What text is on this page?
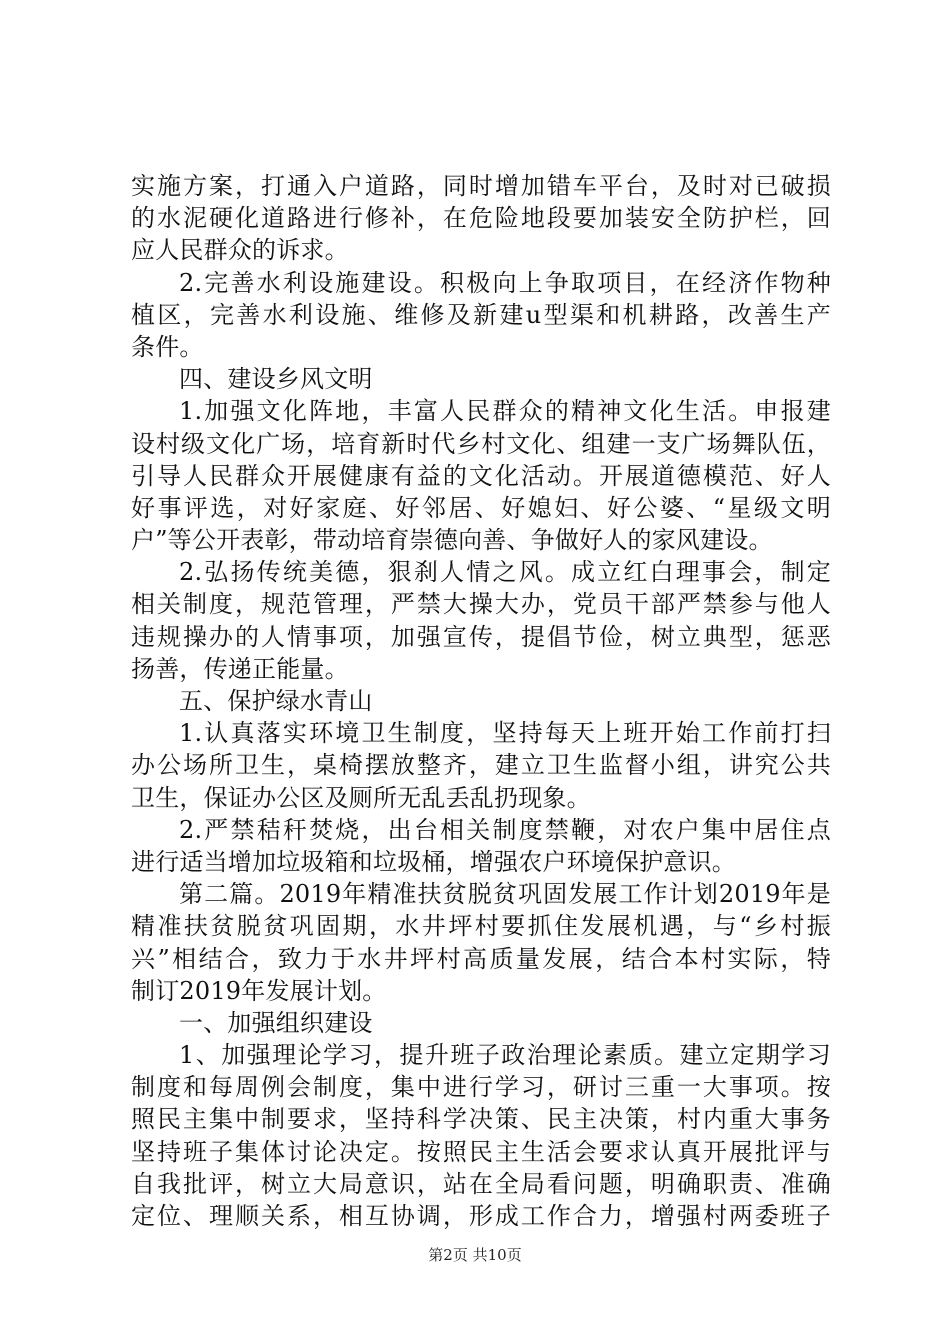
实施方案，打通入户道路，同时增加错车平台，及时对已破损
的水泥硬化道路进行修补，在危险地段要加装安全防护栏，回
应人民群众的诉求。
2.完善水利设施建设。积极向上争取项目，在经济作物种
植区，完善水利设施、维修及新建u型渠和机耕路，改善生产
条件。
四、建设乡风文明
1.加强文化阵地，丰富人民群众的精神文化生活。申报建
设村级文化广场，培育新时代乡村文化、组建一支广场舞队伍，
引导人民群众开展健康有益的文化活动。开展道德模范、好人
好事评选，对好家庭、好邻居、好媳妇、好公婆、“星级文明
户”等公开表彰，带动培育崇德向善、争做好人的家风建设。
2.弘扬传统美德，狠刹人情之风。成立红白理事会，制定
相关制度，规范管理，严禁大操大办，党员干部严禁参与他人
违规操办的人情事项，加强宣传，提倡节俭，树立典型，惩恶
扬善，传递正能量。
五、保护绿水青山
1.认真落实环境卫生制度，坚持每天上班开始工作前打扫
办公场所卫生，桌椅摆放整齐，建立卫生监督小组，讲究公共
卫生，保证办公区及厕所无乱丢乱扔现象。
2.严禁秸秆焚烧，出台相关制度禁鞭，对农户集中居住点
进行适当增加垃圾箱和垃圾桶，增强农户环境保护意识。
第二篇。2019年精准扶贫脱贫巩固发展工作计划2019年是
精准扶贫脱贫巩固期，水井坪村要抓住发展机遇，与“乡村振
兴”相结合，致力于水井坪村高质量发展，结合本村实际，特
制订2019年发展计划。
一、加强组织建设
1、加强理论学习，提升班子政治理论素质。建立定期学习
制度和每周例会制度，集中进行学习，研讨三重一大事项。按
照民主集中制要求，坚持科学决策、民主决策，村内重大事务
坚持班子集体讨论决定。按照民主生活会要求认真开展批评与
自我批评，树立大局意识，站在全局看问题，明确职责、准确
定位、理顺关系，相互协调，形成工作合力，增强村两委班子
第2页 共10页
